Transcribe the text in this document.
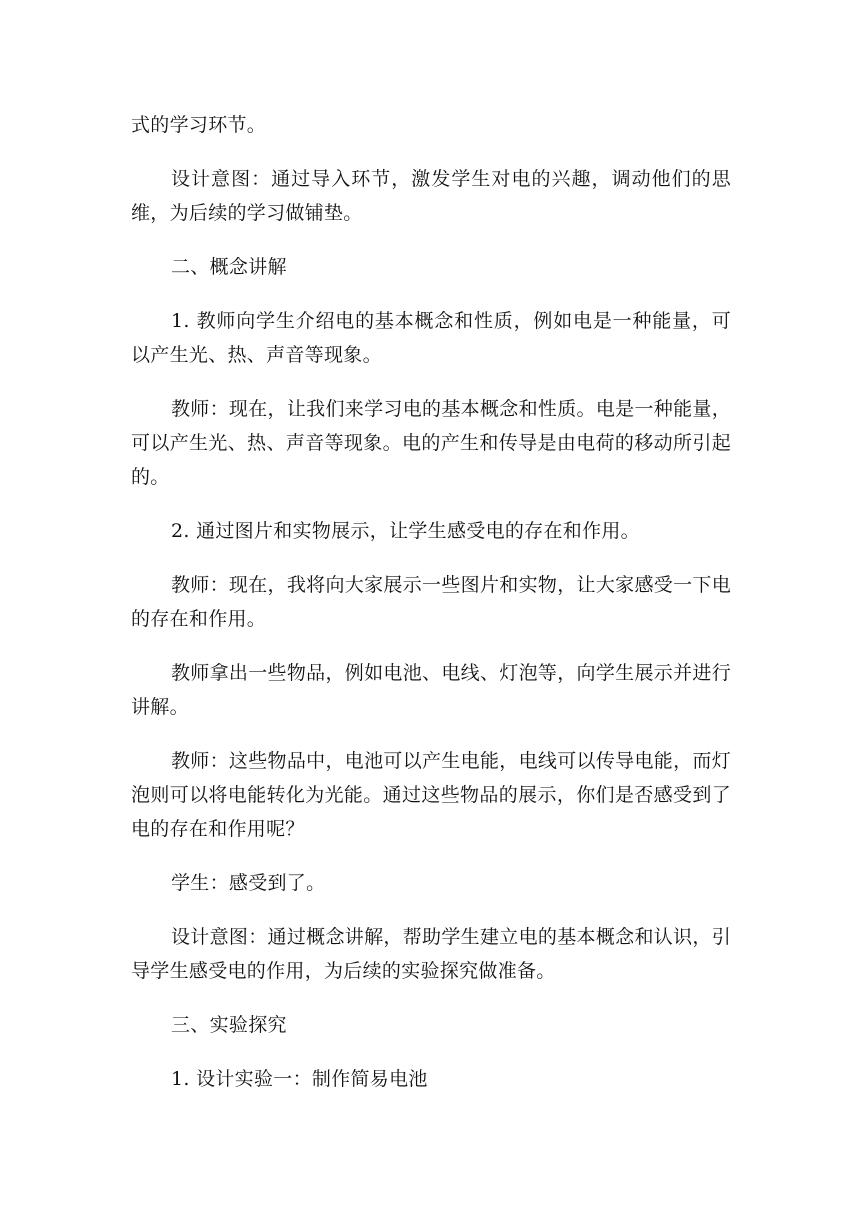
式的学习环节。

设计意图：通过导入环节，激发学生对电的兴趣，调动他们的思维，为后续的学习做铺垫。

二、概念讲解

1. 教师向学生介绍电的基本概念和性质，例如电是一种能量，可以产生光、热、声音等现象。

教师：现在，让我们来学习电的基本概念和性质。电是一种能量，可以产生光、热、声音等现象。电的产生和传导是由电荷的移动所引起的。

2. 通过图片和实物展示，让学生感受电的存在和作用。

教师：现在，我将向大家展示一些图片和实物，让大家感受一下电的存在和作用。

教师拿出一些物品，例如电池、电线、灯泡等，向学生展示并进行讲解。

教师：这些物品中，电池可以产生电能，电线可以传导电能，而灯泡则可以将电能转化为光能。通过这些物品的展示，你们是否感受到了电的存在和作用呢？

学生：感受到了。

设计意图：通过概念讲解，帮助学生建立电的基本概念和认识，引导学生感受电的作用，为后续的实验探究做准备。

三、实验探究

1. 设计实验一：制作简易电池
